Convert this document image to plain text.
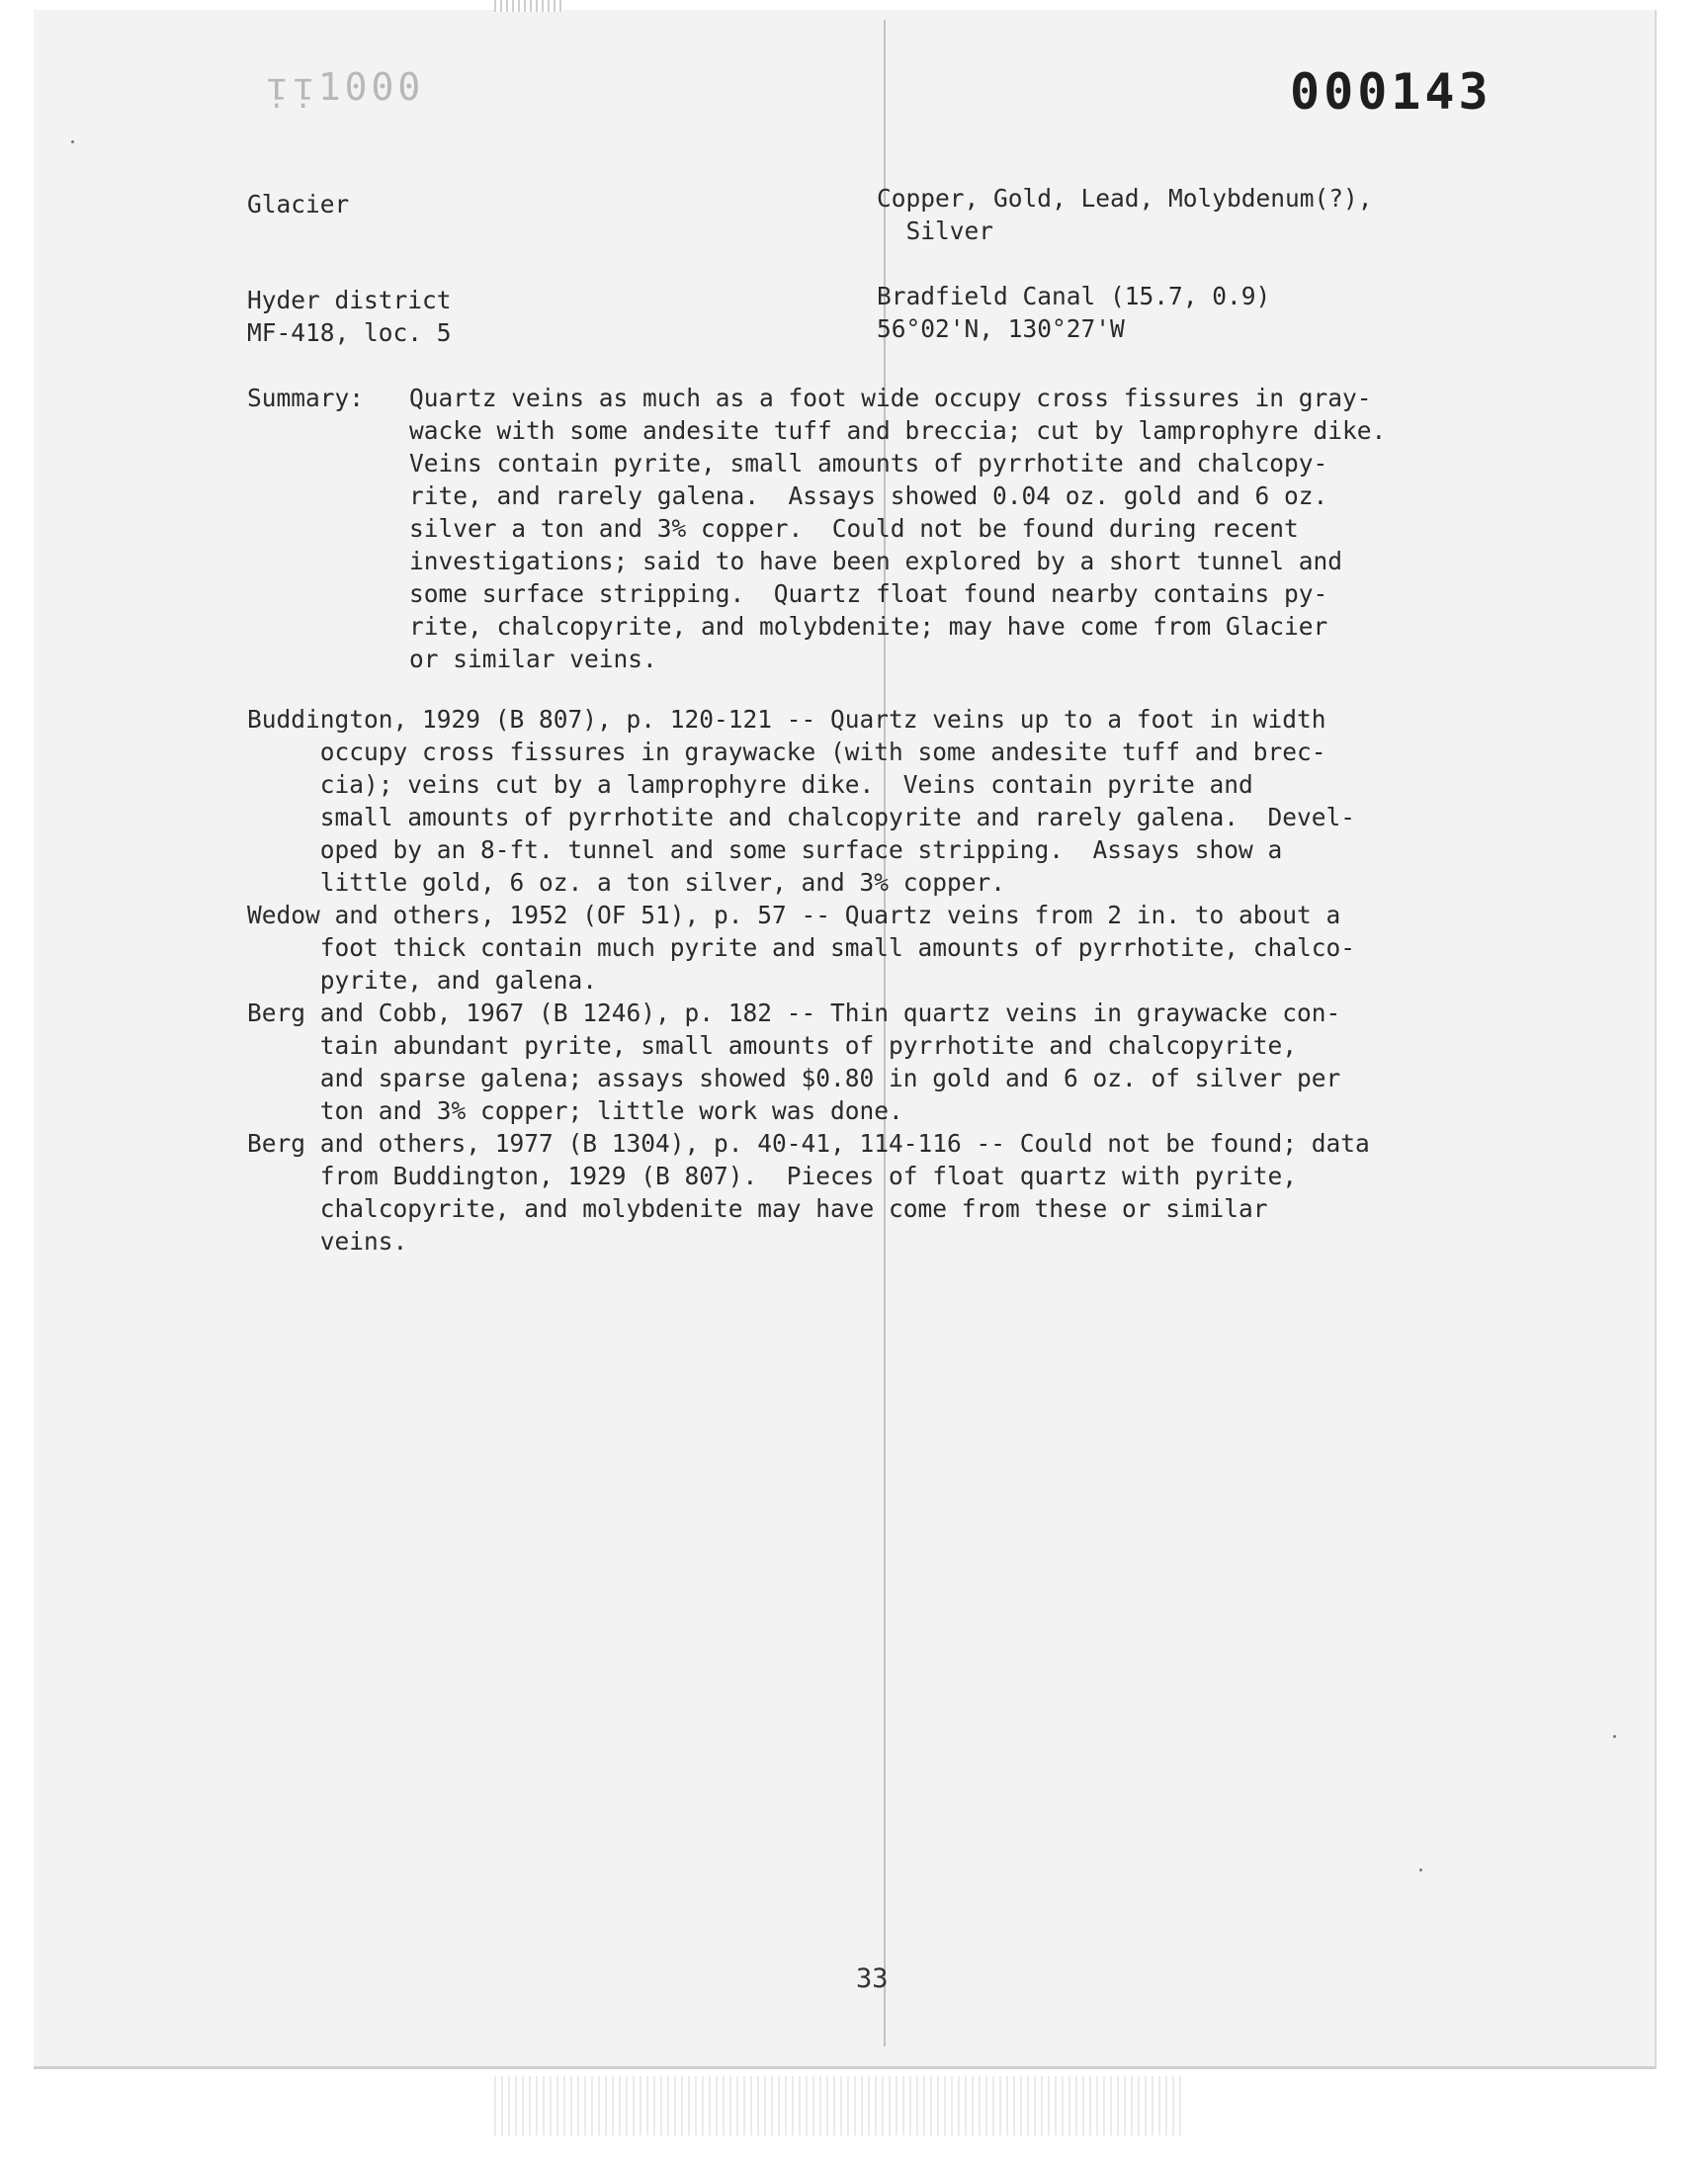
ᴉᴉ1000	000143
Glacier	Copper, Gold, Lead, Molybdenum(?),
Silver
Hyder district
MF-418, loc. 5
Bradfield Canal (15.7, 0.9)
56°02'N, 130°27'W
Summary: Quartz veins as much as a foot wide occupy cross fissures in gray-
wacke with some andesite tuff and breccia; cut by lamprophyre dike.
Veins contain pyrite, small amounts of pyrrhotite and chalcopy-
rite, and rarely galena.  Assays showed 0.04 oz. gold and 6 oz.
silver a ton and 3% copper.  Could not be found during recent
investigations; said to have been explored by a short tunnel and
some surface stripping.  Quartz float found nearby contains py-
rite, chalcopyrite, and molybdenite; may have come from Glacier
or similar veins.
Buddington, 1929 (B 807), p. 120-121 -- Quartz veins up to a foot in width
occupy cross fissures in graywacke (with some andesite tuff and brec-
cia); veins cut by a lamprophyre dike.  Veins contain pyrite and
small amounts of pyrrhotite and chalcopyrite and rarely galena.  Devel-
oped by an 8-ft. tunnel and some surface stripping.  Assays show a
little gold, 6 oz. a ton silver, and 3% copper.
Wedow and others, 1952 (OF 51), p. 57 -- Quartz veins from 2 in. to about a
foot thick contain much pyrite and small amounts of pyrrhotite, chalco-
pyrite, and galena.
Berg and Cobb, 1967 (B 1246), p. 182 -- Thin quartz veins in graywacke con-
tain abundant pyrite, small amounts of pyrrhotite and chalcopyrite,
and sparse galena; assays showed $0.80 in gold and 6 oz. of silver per
ton and 3% copper; little work was done.
Berg and others, 1977 (B 1304), p. 40-41, 114-116 -- Could not be found; data
from Buddington, 1929 (B 807).  Pieces of float quartz with pyrite,
chalcopyrite, and molybdenite may have come from these or similar
veins.
33
